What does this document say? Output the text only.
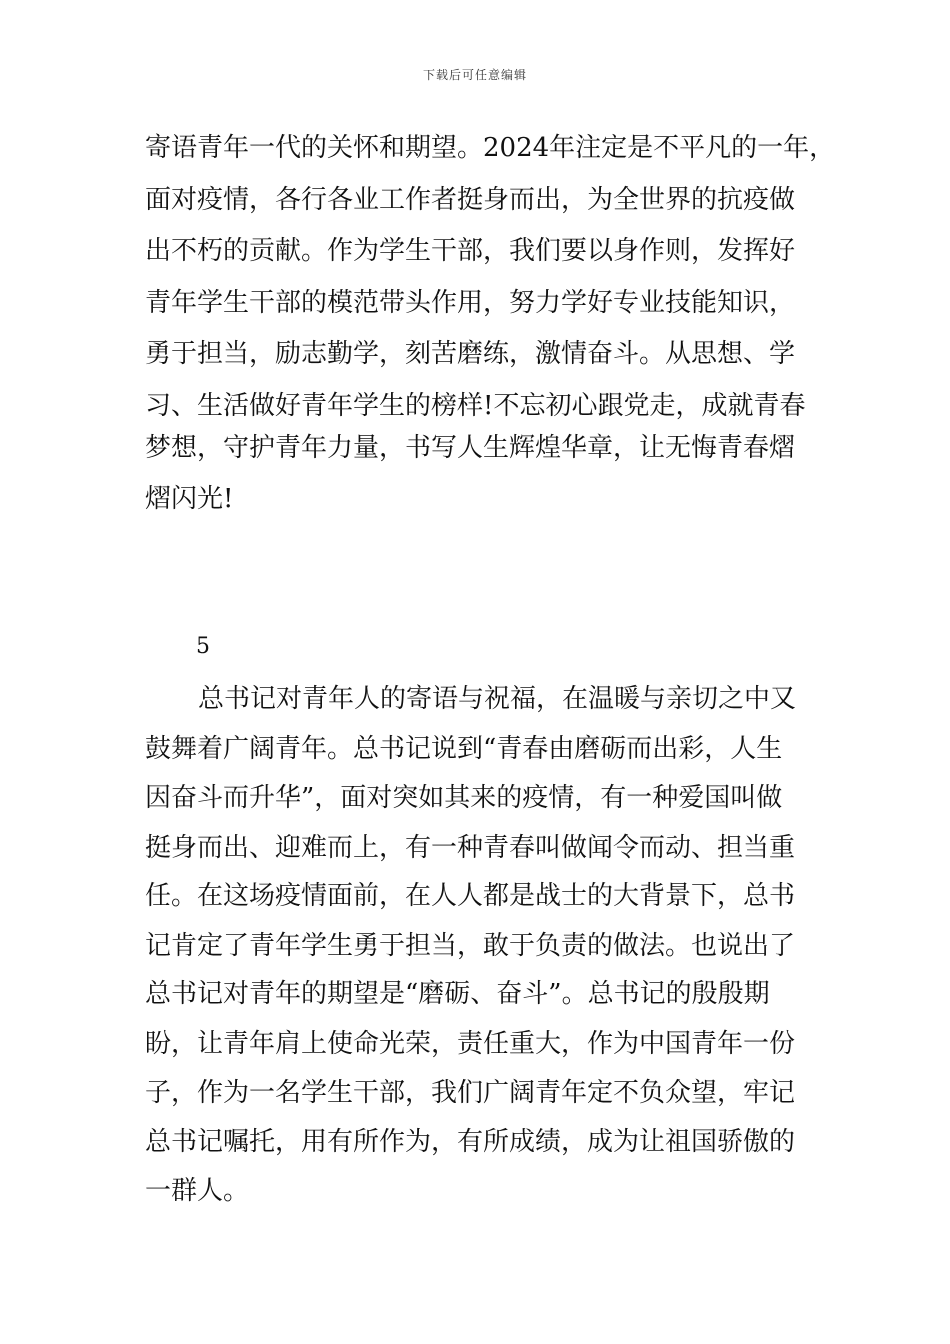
下载后可任意编辑
寄语青年一代的关怀和期望。2024年注定是不平凡的一年，
面对疫情，各行各业工作者挺身而出，为全世界的抗疫做
出不朽的贡献。作为学生干部，我们要以身作则，发挥好
青年学生干部的模范带头作用，努力学好专业技能知识，
勇于担当，励志勤学，刻苦磨练，激情奋斗。从思想、学
习、生活做好青年学生的榜样!不忘初心跟党走，成就青春
梦想，守护青年力量，书写人生辉煌华章，让无悔青春熠
熠闪光!
5
总书记对青年人的寄语与祝福，在温暖与亲切之中又
鼓舞着广阔青年。总书记说到“青春由磨砺而出彩，人生
因奋斗而升华”，面对突如其来的疫情，有一种爱国叫做
挺身而出、迎难而上，有一种青春叫做闻令而动、担当重
任。在这场疫情面前，在人人都是战士的大背景下，总书
记肯定了青年学生勇于担当，敢于负责的做法。也说出了
总书记对青年的期望是“磨砺、奋斗”。总书记的殷殷期
盼，让青年肩上使命光荣，责任重大，作为中国青年一份
子，作为一名学生干部，我们广阔青年定不负众望，牢记
总书记嘱托，用有所作为，有所成绩，成为让祖国骄傲的
一群人。
